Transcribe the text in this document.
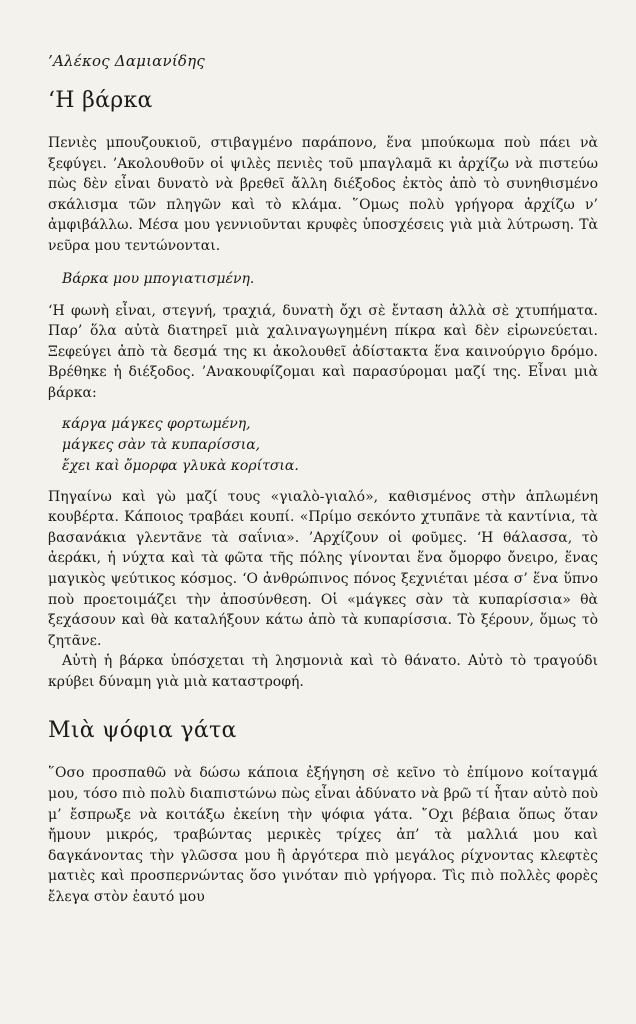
’Αλέκος Δαμιανίδης
‘Η βάρκα

Πενιὲς μπουζουκιοῦ, στιβαγμένο παράπονο, ἕνα μπούκωμα ποὺ πάει νὰ ξεφύγει. ’Ακολουθοῦν οἱ ψιλὲς πενιὲς τοῦ μπαγλαμᾶ κι ἀρχίζω νὰ πιστεύω πὼς δὲν εἶναι δυνατὸ νὰ βρεθεῖ ἄλλη διέξοδος ἐκτὸς ἀπὸ τὸ συνηθισμένο σκάλισμα τῶν πληγῶν καὶ τὸ κλάμα. ῞Ομως πολὺ γρήγορα ἀρχίζω ν’ ἀμφιβάλλω. Μέσα μου γεννιοῦνται κρυφὲς ὑποσχέσεις γιὰ μιὰ λύτρωση. Τὰ νεῦρα μου τεντώνονται.

Βάρκα μου μπογιατισμένη.

‘Η φωνὴ εἶναι, στεγνή, τραχιά, δυνατὴ ὄχι σὲ ἔνταση ἀλλὰ σὲ χτυπήματα. Παρ’ ὅλα αὐτὰ διατηρεῖ μιὰ χαλιναγωγημένη πίκρα καὶ δὲν εἰρωνεύεται. Ξεφεύγει ἀπὸ τὰ δεσμά της κι ἀκολουθεῖ ἀδίστακτα ἕνα καινούργιο δρόμο. Βρέθηκε ἡ διέξοδος. ’Ανακουφίζομαι καὶ παρασύρομαι μαζί της. Εἶναι μιὰ βάρκα:

κάργα μάγκες φορτωμένη,
μάγκες σὰν τὰ κυπαρίσσια,
ἔχει καὶ ὄμορφα γλυκὰ κορίτσια.

Πηγαίνω καὶ γὼ μαζί τους «γιαλὸ-γιαλό», καθισμένος στὴν ἁπλωμένη κουβέρτα. Κάποιος τραβάει κουπί. «Πρίμο σεκόντο χτυπᾶνε τὰ καντίνια, τὰ βασανάκια γλεντᾶνε τὰ σαΐνια». ’Αρχίζουν οἱ φοῦμες. ‘Η θάλασσα, τὸ ἀεράκι, ἡ νύχτα καὶ τὰ φῶτα τῆς πόλης γίνονται ἕνα ὄμορφο ὄνειρο, ἕνας μαγικὸς ψεύτικος κόσμος. ‘Ο ἀνθρώπινος πόνος ξεχνιέται μέσα σ’ ἕνα ὕπνο ποὺ προετοιμάζει τὴν ἀποσύνθεση. Οἱ «μάγκες σὰν τὰ κυπαρίσσια» θὰ ξεχάσουν καὶ θὰ καταλήξουν κάτω ἀπὸ τὰ κυπαρίσσια. Τὸ ξέρουν, ὅμως τὸ ζητᾶνε.

Αὐτὴ ἡ βάρκα ὑπόσχεται τὴ λησμονιὰ καὶ τὸ θάνατο. Αὐτὸ τὸ τραγούδι κρύβει δύναμη γιὰ μιὰ καταστροφή.

Μιὰ ψόφια γάτα

῞Οσο προσπαθῶ νὰ δώσω κάποια ἐξήγηση σὲ κεῖνο τὸ ἐπίμονο κοίταγμά μου, τόσο πιὸ πολὺ διαπιστώνω πὼς εἶναι ἀδύνατο νὰ βρῶ τί ἦταν αὐτὸ ποὺ μ’ ἔσπρωξε νὰ κοιτάξω ἐκείνη τὴν ψόφια γάτα. ῎Οχι βέβαια ὅπως ὅταν ἤμουν μικρός, τραβώντας μερικὲς τρίχες ἀπ’ τὰ μαλλιά μου καὶ δαγκάνοντας τὴν γλῶσσα μου ἢ ἀργότερα πιὸ μεγάλος ρίχνοντας κλεφτὲς ματιὲς καὶ προσπερνώντας ὅσο γινόταν πιὸ γρήγορα. Τὶς πιὸ πολλὲς φορὲς ἔλεγα στὸν ἑαυτό μου
